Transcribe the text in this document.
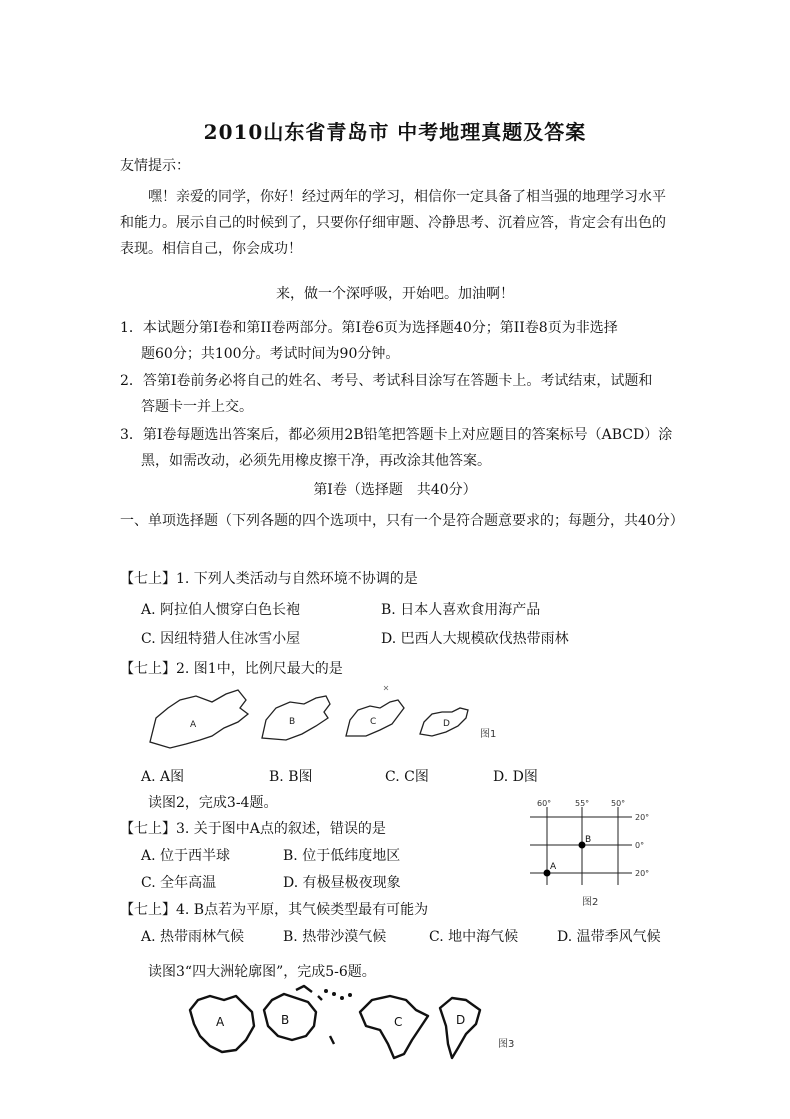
2010山东省青岛市 中考地理真题及答案
友情提示：
嘿！亲爱的同学，你好！经过两年的学习，相信你一定具备了相当强的地理学习水平
和能力。展示自己的时候到了，只要你仔细审题、冷静思考、沉着应答，肯定会有出色的
表现。相信自己，你会成功！
来，做一个深呼吸，开始吧。加油啊！
1．本试题分第Ⅰ卷和第II卷两部分。第Ⅰ卷6页为选择题40分；第II卷8页为非选择
题60分；共100分。考试时间为90分钟。
2．答第Ⅰ卷前务必将自己的姓名、考号、考试科目涂写在答题卡上。考试结束，试题和
答题卡一并上交。
3．第Ⅰ卷每题选出答案后，都必须用2B铅笔把答题卡上对应题目的答案标号（ABCD）涂
黑，如需改动，必须先用橡皮擦干净，再改涂其他答案。
第Ⅰ卷（选择题　共40分）
一、单项选择题（下列各题的四个选项中，只有一个是符合题意要求的；每题分，共40分）
【七上】1. 下列人类活动与自然环境不协调的是
A. 阿拉伯人惯穿白色长袍	B. 日本人喜欢食用海产品
C. 因纽特猎人住冰雪小屋	D. 巴西人大规模砍伐热带雨林
【七上】2. 图1中，比例尺最大的是
A	B	C	D
图1
A. A图	B. B图	C. C图	D. D图
读图2，完成3-4题。	60°	55°	50°
20°
0°
20°
B
A
图2
【七上】3. 关于图中A点的叙述，错误的是
A. 位于西半球	B. 位于低纬度地区
C. 全年高温	D. 有极昼极夜现象
【七上】4. B点若为平原，其气候类型最有可能为
A. 热带雨林气候	B. 热带沙漠气候	C. 地中海气候	D. 温带季风气候
读图3“四大洲轮廓图”，完成5-6题。
A	B	C	D
图3
